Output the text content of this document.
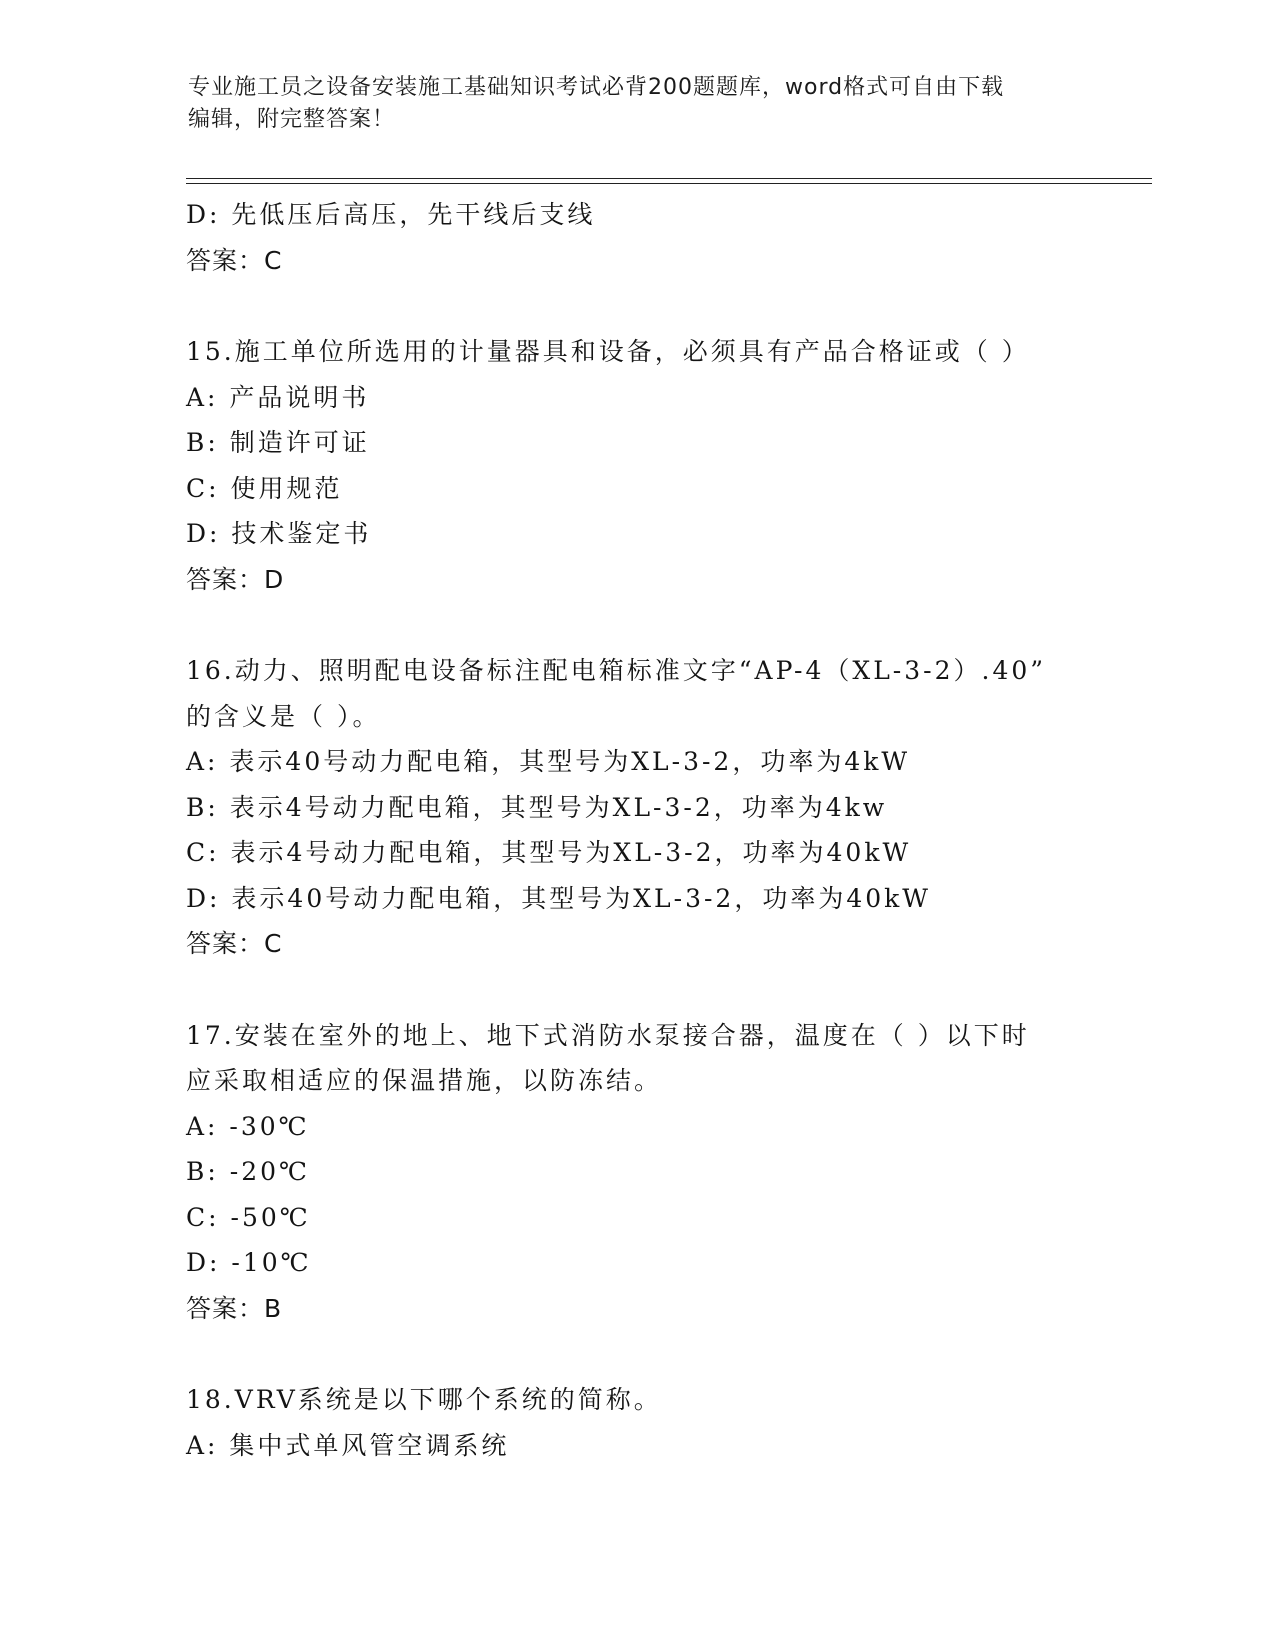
专业施工员之设备安装施工基础知识考试必背200题题库，word格式可自由下载
编辑，附完整答案！
D: 先低压后高压，先干线后支线
答案：C
15.施工单位所选用的计量器具和设备，必须具有产品合格证或（ ）
A: 产品说明书
B: 制造许可证
C: 使用规范
D: 技术鉴定书
答案：D
16.动力、照明配电设备标注配电箱标准文字“AP-4（XL-3-2）.40”
的含义是（ ）。
A: 表示40号动力配电箱，其型号为XL-3-2，功率为4kW
B: 表示4号动力配电箱，其型号为XL-3-2，功率为4kw
C: 表示4号动力配电箱，其型号为XL-3-2，功率为40kW
D: 表示40号动力配电箱，其型号为XL-3-2，功率为40kW
答案：C
17.安装在室外的地上、地下式消防水泵接合器，温度在（ ）以下时
应采取相适应的保温措施，以防冻结。
A: -30℃
B: -20℃
C: -50℃
D: -10℃
答案：B
18.VRV系统是以下哪个系统的简称。
A: 集中式单风管空调系统
